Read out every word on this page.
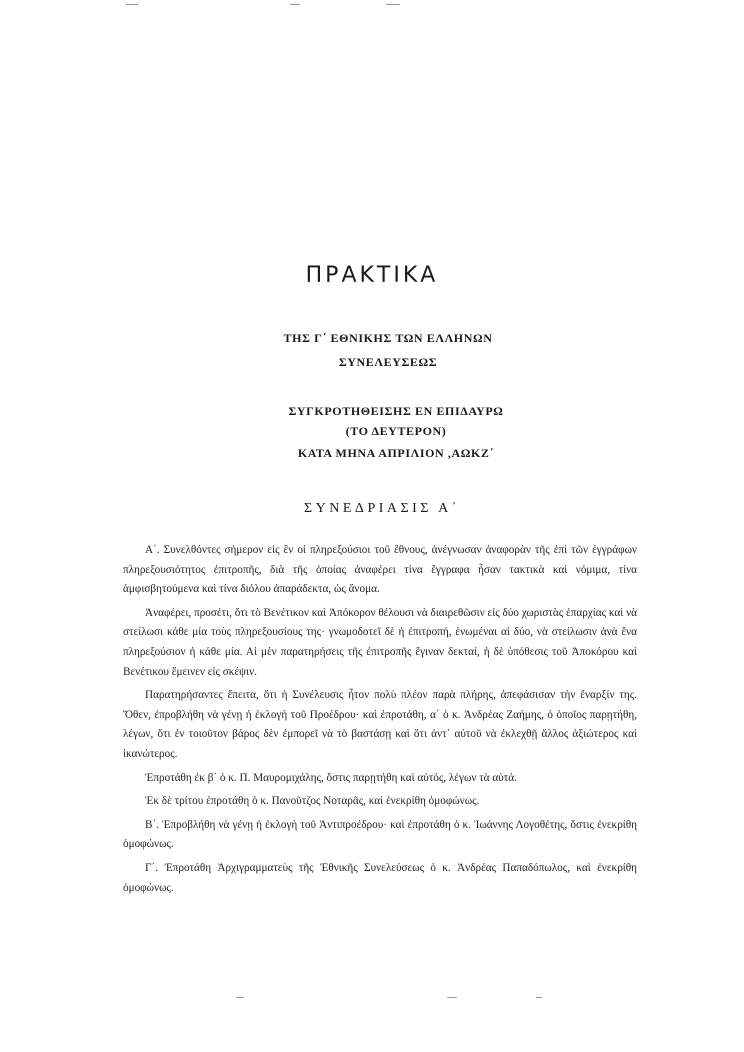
ΠΡΑΚΤΙΚΑ
ΤΗΣ Γ΄ ΕΘΝΙΚΗΣ ΤΩΝ ΕΛΛΗΝΩΝ
ΣΥΝΕΛΕΥΣΕΩΣ
ΣΥΓΚΡΟΤΗΘΕΙΣΗΣ ΕΝ ΕΠΙΔΑΥΡΩ
(ΤΟ ΔΕΥΤΕΡΟΝ)
ΚΑΤΑ ΜΗΝΑ ΑΠΡΙΛΙΟΝ ,ΑΩΚΖ΄
ΣΥΝΕΔΡΙΑΣΙΣ Α΄

Α΄. Συνελθόντες σήμερον εἰς ἓν οἱ πληρεξούσιοι τοῦ ἔθνους, ἀνέγνωσαν ἀναφορὰν τῆς ἐπὶ τῶν ἐγγράφων πληρεξουσιότητος ἐπιτροπῆς, διὰ τῆς ὁποίας ἀναφέρει τίνα ἔγγραφα ἦσαν τακτικὰ καὶ νόμιμα, τίνα ἀμφισβητούμενα καὶ τίνα διόλου ἀπαράδεκτα, ὡς ἄνομα.

Ἀναφέρει, προσέτι, ὅτι τὸ Βενέτικον καὶ Ἀπόκορον θέλουσι νὰ διαιρεθῶσιν εἰς δύο χωριστὰς ἐπαρχίας καὶ νὰ στείλωσι κάθε μία τοὺς πληρεξουσίους της· γνωμοδοτεῖ δὲ ἡ ἐπιτροπή, ἑνωμέναι αἱ δύο, νὰ στείλωσιν ἀνὰ ἕνα πληρεξούσιον ἡ κάθε μία. Αἱ μὲν παρατηρήσεις τῆς ἐπιτροπῆς ἔγιναν δεκταί, ἡ δὲ ὑπόθεσις τοῦ Ἀποκόρου καὶ Βενέτικου ἔμεινεν εἰς σκέψιν.

Παρατηρήσαντες ἔπειτα, ὅτι ἡ Συνέλευσις ἦτον πολὺ πλέον παρὰ πλήρης, ἀπεφάσισαν τὴν ἔναρξίν της. Ὅθεν, ἐπροβλήθη νὰ γένῃ ἡ ἐκλογὴ τοῦ Προέδρου· καὶ ἐπροτάθη, α΄ ὁ κ. Ἀνδρέας Ζαήμης, ὁ ὁποῖος παρῃτήθη, λέγων, ὅτι ἐν τοιοῦτον βάρος δὲν ἐμπορεῖ νὰ τὸ βαστάσῃ καὶ ὅτι ἀντ᾽ αὐτοῦ νὰ ἐκλεχθῇ ἄλλος ἀξιώτερος καὶ ἱκανώτερος.

Ἐπροτάθη ἐκ β΄ ὁ κ. Π. Μαυρομιχάλης, ὅστις παρῃτήθη καὶ αὐτός, λέγων τὰ αὐτά.

Ἐκ δὲ τρίτου ἐπροτάθη ὁ κ. Πανοῦτζος Νοταρᾶς, καὶ ἐνεκρίθη ὁμοφώνως.

Β΄. Ἐπροβλήθη νὰ γένῃ ἡ ἐκλογὴ τοῦ Ἀντιπροέδρου· καὶ ἐπροτάθη ὁ κ. Ἰωάννης Λογοθέτης, ὅστις ἐνεκρίθη ὁμοφώνως.

Γ΄. Ἐπροτάθη Ἀρχιγραμματεὺς τῆς Ἐθνικῆς Συνελεύσεως ὁ κ. Ἀνδρέας Παπαδόπωλος, καὶ ἐνεκρίθη ὁμοφώνως.
